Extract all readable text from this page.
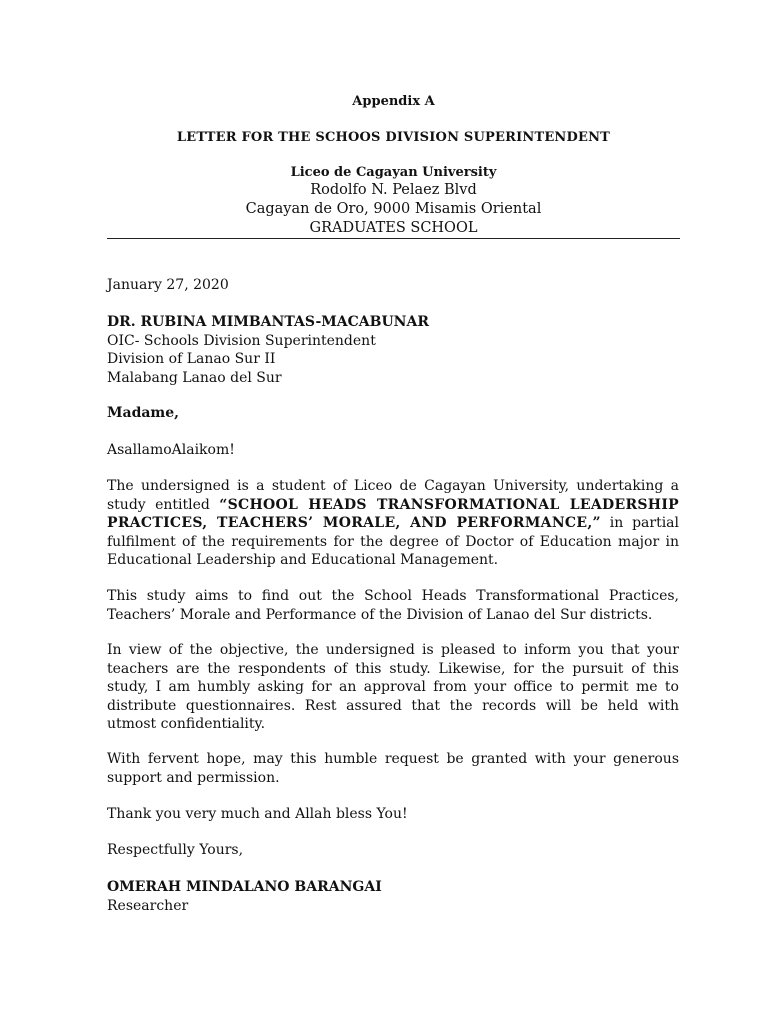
Appendix A
LETTER FOR THE SCHOOS DIVISION SUPERINTENDENT
Liceo de Cagayan University
Rodolfo N. Pelaez Blvd
Cagayan de Oro, 9000 Misamis Oriental
GRADUATES SCHOOL
January 27, 2020
DR. RUBINA MIMBANTAS-MACABUNAR
OIC- Schools Division Superintendent
Division of Lanao Sur II
Malabang Lanao del Sur
Madame,
AsallamoAlaikom!
The undersigned is a student of Liceo de Cagayan University, undertaking a
study entitled “SCHOOL HEADS TRANSFORMATIONAL LEADERSHIP
PRACTICES, TEACHERS’ MORALE, AND PERFORMANCE,” in partial
fulfilment of the requirements for the degree of Doctor of Education major in
Educational Leadership and Educational Management.
This study aims to find out the School Heads Transformational Practices,
Teachers’ Morale and Performance of the Division of Lanao del Sur districts.
In view of the objective, the undersigned is pleased to inform you that your
teachers are the respondents of this study. Likewise, for the pursuit of this
study, I am humbly asking for an approval from your office to permit me to
distribute questionnaires. Rest assured that the records will be held with
utmost confidentiality.
With fervent hope, may this humble request be granted with your generous
support and permission.
Thank you very much and Allah bless You!
Respectfully Yours,
OMERAH MINDALANO BARANGAI
Researcher
